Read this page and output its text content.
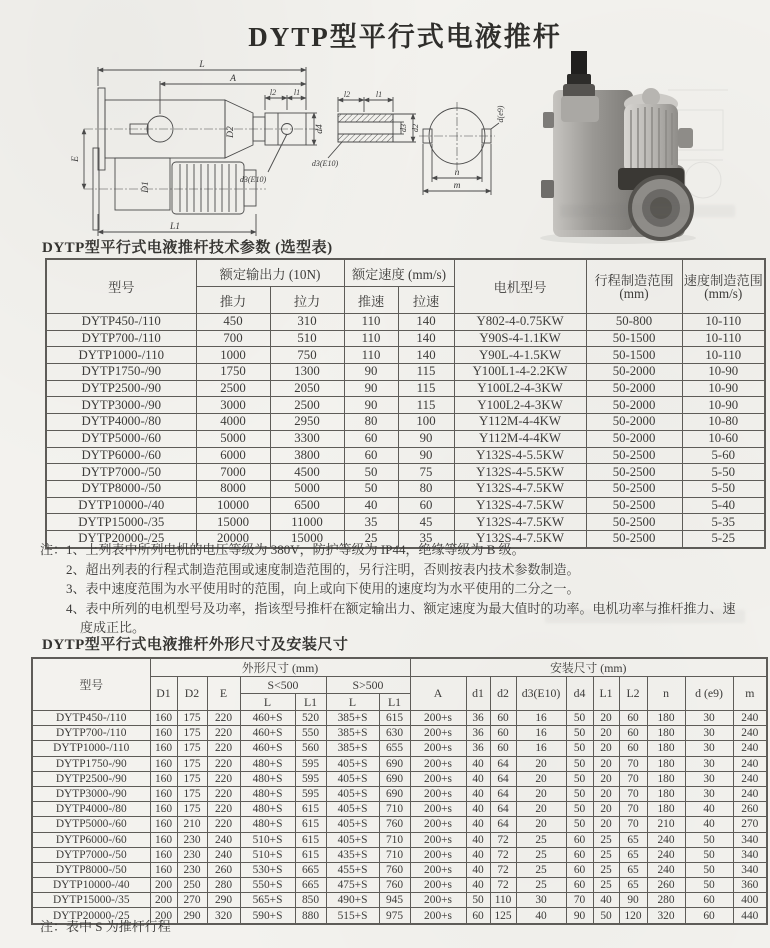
DYTP型平行式电液推杆
L
A
l2 l1
D2	d4
E
D1
L1
d3(E10)
l2	l1
d3 d2
d3(E10)
d(e9)
n
m
DYTP型平行式电液推杆技术参数 (选型表)
型号	额定输出力 (10N)	额定速度 (mm/s)	电机型号	行程制造范围
(mm)

速度制造范围
(mm/s)

	推力	拉力	推速	拉速			
DYTP450-/110	450	310	110	140	Y802-4-0.75KW	50-800	10-110
DYTP700-/110	700	510	110	140	Y90S-4-1.1KW	50-1500	10-110
DYTP1000-/110	1000	750	110	140	Y90L-4-1.5KW	50-1500	10-110
DYTP1750-/90	1750	1300	90	115	Y100L1-4-2.2KW	50-2000	10-90
DYTP2500-/90	2500	2050	90	115	Y100L2-4-3KW	50-2000	10-90
DYTP3000-/90	3000	2500	90	115	Y100L2-4-3KW	50-2000	10-90
DYTP4000-/80	4000	2950	80	100	Y112M-4-4KW	50-2000	10-80
DYTP5000-/60	5000	3300	60	90	Y112M-4-4KW	50-2000	10-60
DYTP6000-/60	6000	3800	60	90	Y132S-4-5.5KW	50-2500	5-60
DYTP7000-/50	7000	4500	50	75	Y132S-4-5.5KW	50-2500	5-50
DYTP8000-/50	8000	5000	50	80	Y132S-4-7.5KW	50-2500	5-50
DYTP10000-/40	10000	6500	40	60	Y132S-4-7.5KW	50-2500	5-40
DYTP15000-/35	15000	11000	35	45	Y132S-4-7.5KW	50-2500	5-35
DYTP20000-/25	20000	15000	25	35	Y132S-4-7.5KW	50-2500	5-25
注： 1、上列表中所列电机的电压等级为 380V，防护等级为 IP44，绝缘等级为 B 级。
2、超出列表的行程式制造范围或速度制造范围的，另行注明，否则按表内技术参数制造。
3、表中速度范围为水平使用时的范围，向上或向下使用的速度均为水平使用的二分之一。
4、表中所列的电机型号及功率，指该型号推杆在额定输出力、额定速度为最大值时的功率。电机功率与推杆推力、速度成正比。
DYTP型平行式电液推杆外形尺寸及安装尺寸
型号	外形尺寸 (mm)							安装尺寸 (mm)									
	D1	D2	E	S<500		S>500		A	d1	d2	d3(E10)	d4	L1	L2	n	d (e9)	m
				L	L1	L	L1										
DYTP450-/110	160	175	220	460+S	520	385+S	615	200+s	36	60	16	50	20	60	180	30	240
DYTP700-/110	160	175	220	460+S	550	385+S	630	200+s	36	60	16	50	20	60	180	30	240
DYTP1000-/110	160	175	220	460+S	560	385+S	655	200+s	36	60	16	50	20	60	180	30	240
DYTP1750-/90	160	175	220	480+S	595	405+S	690	200+s	40	64	20	50	20	70	180	30	240
DYTP2500-/90	160	175	220	480+S	595	405+S	690	200+s	40	64	20	50	20	70	180	30	240
DYTP3000-/90	160	175	220	480+S	595	405+S	690	200+s	40	64	20	50	20	70	180	30	240
DYTP4000-/80	160	175	220	480+S	615	405+S	710	200+s	40	64	20	50	20	70	180	40	260
DYTP5000-/60	160	210	220	480+S	615	405+S	760	200+s	40	64	20	50	20	70	210	40	270
DYTP6000-/60	160	230	240	510+S	615	405+S	710	200+s	40	72	25	60	25	65	240	50	340
DYTP7000-/50	160	230	240	510+S	615	435+S	710	200+s	40	72	25	60	25	65	240	50	340
DYTP8000-/50	160	230	260	530+S	665	455+S	760	200+s	40	72	25	60	25	65	240	50	340
DYTP10000-/40	200	250	280	550+S	665	475+S	760	200+s	40	72	25	60	25	65	260	50	360
DYTP15000-/35	200	270	290	565+S	850	490+S	945	200+s	50	110	30	70	40	90	280	60	400
DYTP20000-/25	200	290	320	590+S	880	515+S	975	200+s	60	125	40	90	50	120	320	60	440
注：表中 S 为推杆行程
